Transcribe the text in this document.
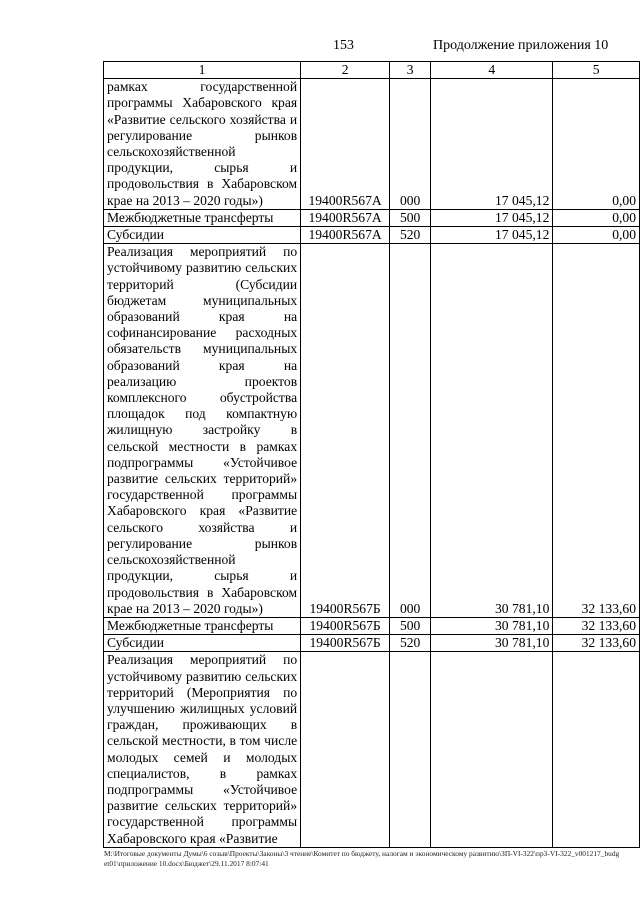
153	Продолжение приложения 10
1	2	3	4	5
рамках государственной программы Хабаровского края «Развитие сельского хозяйства и регулирование рынков сельскохозяйственной продукции, сырья и продовольствия в Хабаровском крае на 2013 – 2020 годы»)	19400R567A	000	17 045,12	0,00
Межбюджетные трансферты	19400R567A	500	17 045,12	0,00
Субсидии	19400R567A	520	17 045,12	0,00
Реализация мероприятий по устойчивому развитию сельских территорий (Субсидии бюджетам муниципальных образований края на софинансирование расходных обязательств муниципальных образований края на реализацию проектов комплексного обустройства площадок под компактную жилищную застройку в сельской местности в рамках подпрограммы «Устойчивое развитие сельских территорий» государственной программы Хабаровского края «Развитие сельского хозяйства и регулирование рынков сельскохозяйственной продукции, сырья и продовольствия в Хабаровском крае на 2013 – 2020 годы»)	19400R567Б	000	30 781,10	32 133,60
Межбюджетные трансферты	19400R567Б	500	30 781,10	32 133,60
Субсидии	19400R567Б	520	30 781,10	32 133,60
Реализация мероприятий по устойчивому развитию сельских территорий (Мероприятия по улучшению жилищных условий граждан, проживающих в сельской местности, в том числе молодых семей и молодых специалистов, в рамках подпрограммы «Устойчивое развитие сельских территорий» государственной программы Хабаровского края «Развитие				
М:\Итоговые документы Думы\6 созыв\Проекты\Законы\3 чтение\Комитет по бюджету, налогам и экономическому развитию\ЗП-VI-322\пр3-VI-322_v001217_budget01\приложение 10.docx\Бюджет\29.11.2017 8:07:41
